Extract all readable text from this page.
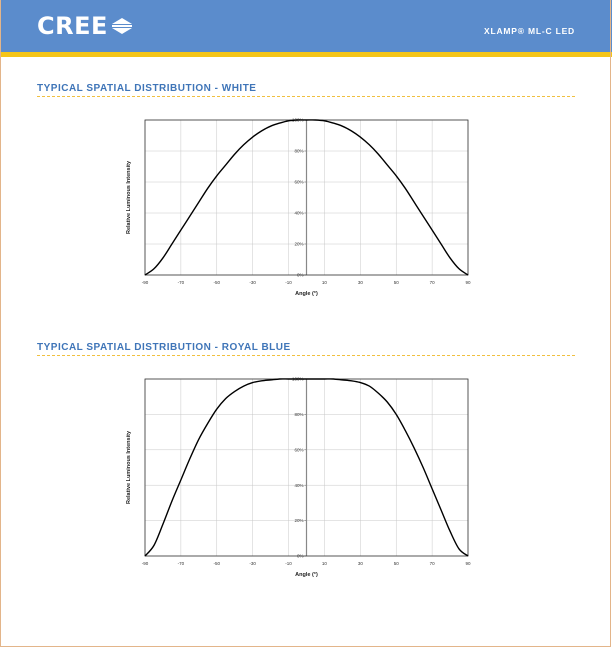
CREE	XLAMP® ML-C LED
TYPICAL SPATIAL DISTRIBUTION - WHITE
-90	-70	-50	-30	-10	10	30	50	70	90
0%
20%
40%
60%
80%
100%
Angle (°)
Relative Luminous Intensity
TYPICAL SPATIAL DISTRIBUTION - ROYAL BLUE
-90	-70	-50	-30	-10	10	30	50	70	90
0%
20%
40%
60%
80%
100%
Angle (°)
Relative Luminous Intensity
